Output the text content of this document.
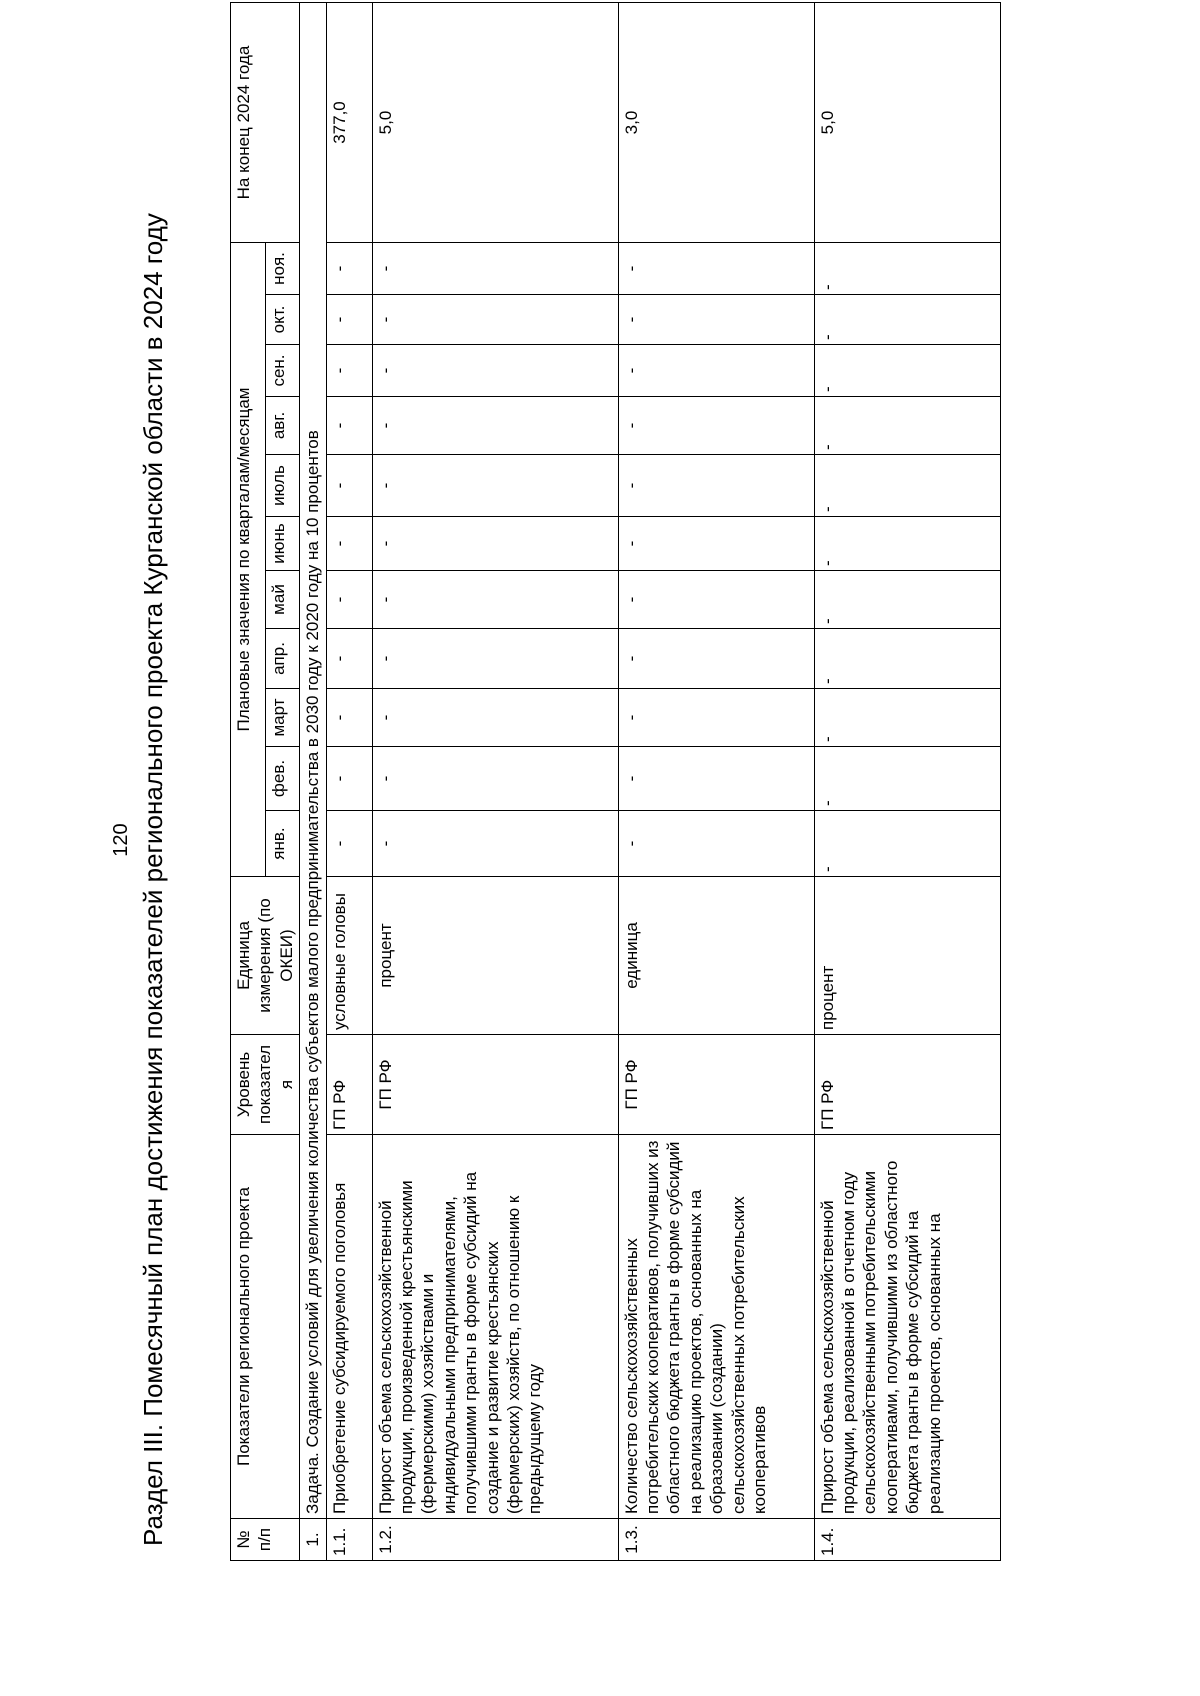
120 Раздел III. Помесячный план достижения показателей регионального проекта Курганской области в 2024 году	№ п/п	Показатели регионального проекта	Уровень показател я	Единица измерения (по ОКЕИ)	Плановые значения по кварталам/месяцам											На конец 2024 года
				янв.	фев.	март	апр.	май	июнь	июль	авг.	сен.	окт.	ноя.	
1.	Задача. Создание условий для увеличения количества субъектов малого предпринимательства в 2030 году к 2020 году на 10 процентов														
1.1.	Приобретение субсидируемого поголовья	ГП РФ	условные головы	-	-	-	-	-	-	-	-	-	-	-	377,0
1.2.	Прирост объема сельскохозяйственной продукции, произведенной крестьянскими (фермерскими) хозяйствами и индивидуальными предпринимателями, получившими гранты в форме субсидий на создание и развитие крестьянских (фермерских) хозяйств, по отношению к предыдущему году	ГП РФ	процент	-	-	-	-	-	-	-	-	-	-	-	5,0
1.3.	Количество сельскохозяйственных потребительских кооперативов, получивших из областного бюджета гранты в форме субсидий на реализацию проектов, основанных на образовании (создании) сельскохозяйственных потребительских кооперативов	ГП РФ	единица	-	-	-	-	-	-	-	-	-	-	-	3,0
1.4.	Прирост объема сельскохозяйственной продукции, реализованной в отчетном году сельскохозяйственными потребительскими кооперативами, получившими из областного бюджета гранты в форме субсидий на реализацию проектов, основанных на	ГП РФ	процент	-	-	-	-	-	-	-	-	-	-	-	5,0
